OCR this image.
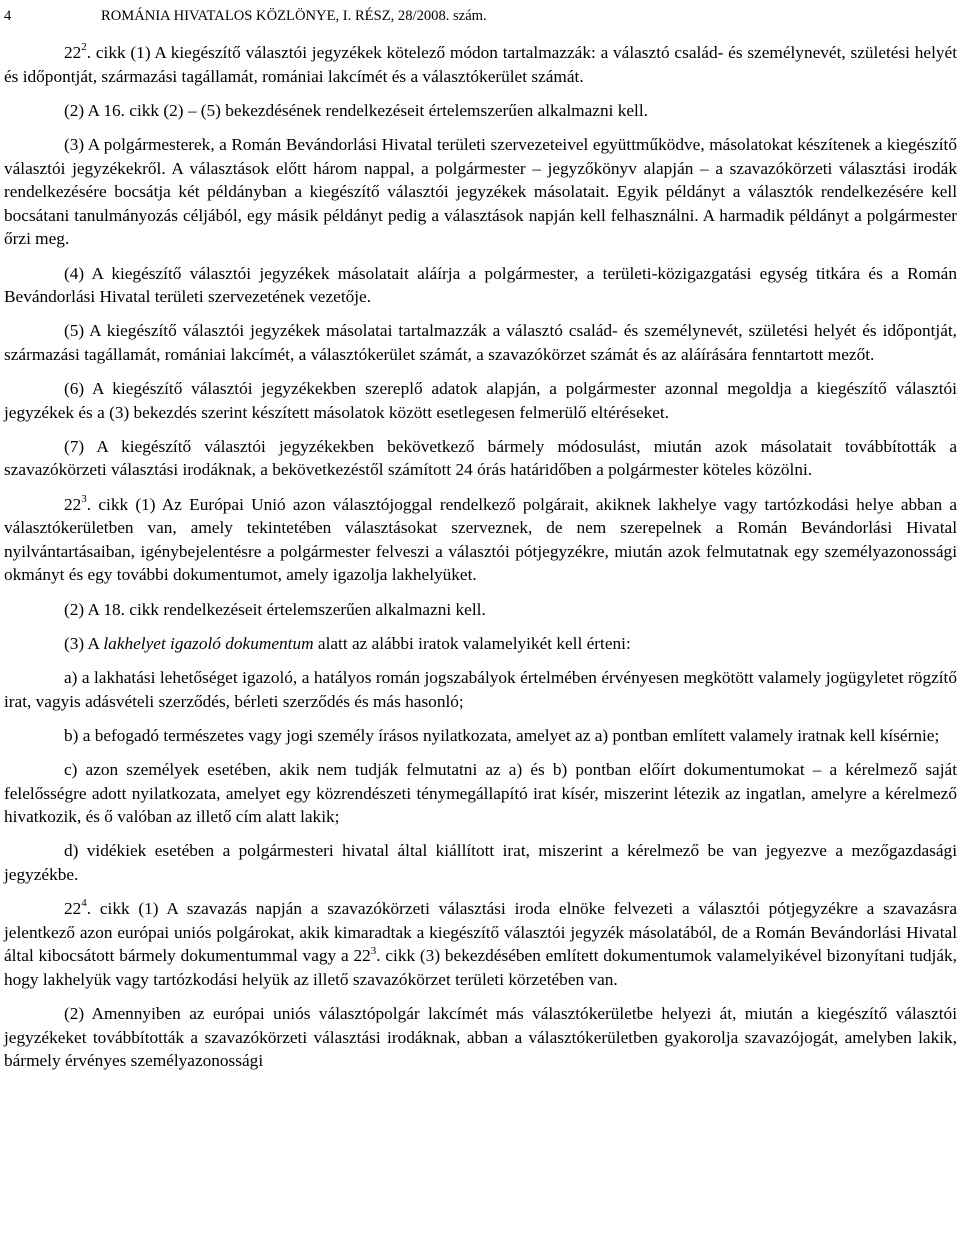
4	ROMÁNIA HIVATALOS KÖZLÖNYE, I. RÉSZ, 28/2008. szám.

$22^2$. cikk (1) A kiegészítő választói jegyzékek kötelező módon tartalmazzák: a választó család- és személynevét, születési helyét és időpontját, származási tagállamát, romániai lakcímét és a választókerület számát.

(2) A 16. cikk (2) – (5) bekezdésének rendelkezéseit értelemszerűen alkalmazni kell.

(3) A polgármesterek, a Román Bevándorlási Hivatal területi szervezeteivel együttműködve, másolatokat készítenek a kiegészítő választói jegyzékekről. A választások előtt három nappal, a polgármester – jegyzőkönyv alapján – a szavazókörzeti választási irodák rendelkezésére bocsátja két példányban a kiegészítő választói jegyzékek másolatait. Egyik példányt a választók rendelkezésére kell bocsátani tanulmányozás céljából, egy másik példányt pedig a választások napján kell felhasználni. A harmadik példányt a polgármester őrzi meg.

(4) A kiegészítő választói jegyzékek másolatait aláírja a polgármester, a területi-közigazgatási egység titkára és a Román Bevándorlási Hivatal területi szervezetének vezetője.

(5) A kiegészítő választói jegyzékek másolatai tartalmazzák a választó család- és személynevét, születési helyét és időpontját, származási tagállamát, romániai lakcímét, a választókerület számát, a szavazókörzet számát és az aláírására fenntartott mezőt.

(6) A kiegészítő választói jegyzékekben szereplő adatok alapján, a polgármester azonnal megoldja a kiegészítő választói jegyzékek és a (3) bekezdés szerint készített másolatok között esetlegesen felmerülő eltéréseket.

(7) A kiegészítő választói jegyzékekben bekövetkező bármely módosulást, miután azok másolatait továbbították a szavazókörzeti választási irodáknak, a bekövetkezéstől számított 24 órás határidőben a polgármester köteles közölni.

$22^3$. cikk (1) Az Európai Unió azon választójoggal rendelkező polgárait, akiknek lakhelye vagy tartózkodási helye abban a választókerületben van, amely tekintetében választásokat szerveznek, de nem szerepelnek a Román Bevándorlási Hivatal nyilvántartásaiban, igénybejelentésre a polgármester felveszi a választói pótjegyzékre, miután azok felmutatnak egy személyazonossági okmányt és egy további dokumentumot, amely igazolja lakhelyüket.

(2) A 18. cikk rendelkezéseit értelemszerűen alkalmazni kell.

(3) A lakhelyet igazoló dokumentum alatt az alábbi iratok valamelyikét kell érteni:

a) a lakhatási lehetőséget igazoló, a hatályos román jogszabályok értelmében érvényesen megkötött valamely jogügyletet rögzítő irat, vagyis adásvételi szerződés, bérleti szerződés és más hasonló;

b) a befogadó természetes vagy jogi személy írásos nyilatkozata, amelyet az a) pontban említett valamely iratnak kell kísérnie;

c) azon személyek esetében, akik nem tudják felmutatni az a) és b) pontban előírt dokumentumokat – a kérelmező saját felelősségre adott nyilatkozata, amelyet egy közrendészeti ténymegállapító irat kísér, miszerint létezik az ingatlan, amelyre a kérelmező hivatkozik, és ő valóban az illető cím alatt lakik;

d) vidékiek esetében a polgármesteri hivatal által kiállított irat, miszerint a kérelmező be van jegyezve a mezőgazdasági jegyzékbe.

$22^4$. cikk (1) A szavazás napján a szavazókörzeti választási iroda elnöke felvezeti a választói pótjegyzékre a szavazásra jelentkező azon európai uniós polgárokat, akik kimaradtak a kiegészítő választói jegyzék másolatából, de a Román Bevándorlási Hivatal által kibocsátott bármely dokumentummal vagy a $22^3$. cikk (3) bekezdésében említett dokumentumok valamelyikével bizonyítani tudják, hogy lakhelyük vagy tartózkodási helyük az illető szavazókörzet területi körzetében van.

(2) Amennyiben az európai uniós választópolgár lakcímét más választókerületbe helyezi át, miután a kiegészítő választói jegyzékeket továbbították a szavazókörzeti választási irodáknak, abban a választókerületben gyakorolja szavazójogát, amelyben lakik, bármely érvényes személyazonossági
